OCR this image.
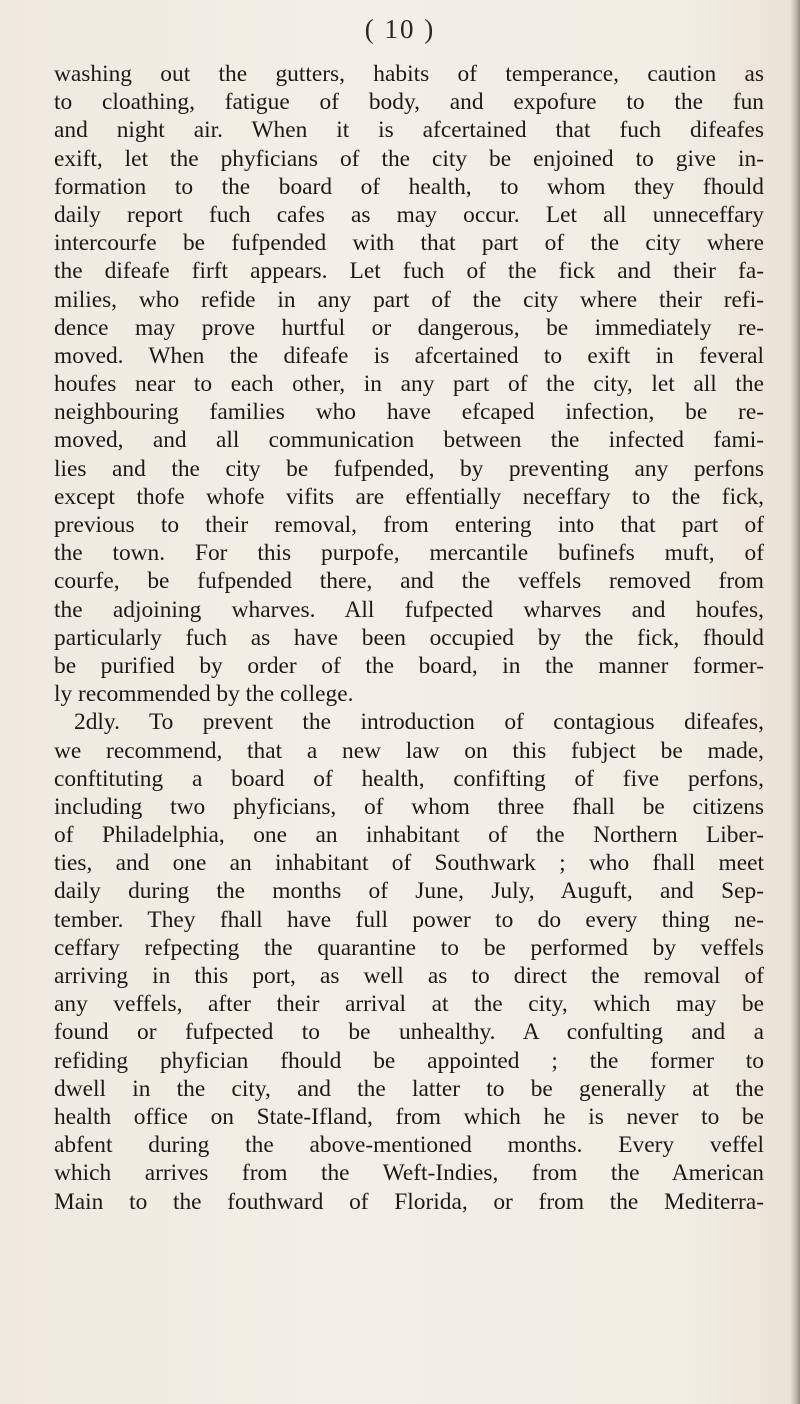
( 10 )
washing out the gutters, habits of temperance, caution as
to cloathing, fatigue of body, and expofure to the fun
and night air. When it is afcertained that fuch difeafes
exift, let the phyficians of the city be enjoined to give in-
formation to the board of health, to whom they fhould
daily report fuch cafes as may occur. Let all unneceffary
intercourfe be fufpended with that part of the city where
the difeafe firft appears. Let fuch of the fick and their fa-
milies, who refide in any part of the city where their refi-
dence may prove hurtful or dangerous, be immediately re-
moved. When the difeafe is afcertained to exift in feveral
houfes near to each other, in any part of the city, let all the
neighbouring families who have efcaped infection, be re-
moved, and all communication between the infected fami-
lies and the city be fufpended, by preventing any perfons
except thofe whofe vifits are effentially neceffary to the fick,
previous to their removal, from entering into that part of
the town. For this purpofe, mercantile bufinefs muft, of
courfe, be fufpended there, and the veffels removed from
the adjoining wharves. All fufpected wharves and houfes,
particularly fuch as have been occupied by the fick, fhould
be purified by order of the board, in the manner former-
ly recommended by the college.
2dly. To prevent the introduction of contagious difeafes,
we recommend, that a new law on this fubject be made,
conftituting a board of health, confifting of five perfons,
including two phyficians, of whom three fhall be citizens
of Philadelphia, one an inhabitant of the Northern Liber-
ties, and one an inhabitant of Southwark ; who fhall meet
daily during the months of June, July, Auguft, and Sep-
tember. They fhall have full power to do every thing ne-
ceffary refpecting the quarantine to be performed by veffels
arriving in this port, as well as to direct the removal of
any veffels, after their arrival at the city, which may be
found or fufpected to be unhealthy. A confulting and a
refiding phyfician fhould be appointed ; the former to
dwell in the city, and the latter to be generally at the
health office on State-Ifland, from which he is never to be
abfent during the above-mentioned months. Every veffel
which arrives from the Weft-Indies, from the American
Main to the fouthward of Florida, or from the Mediterra-
